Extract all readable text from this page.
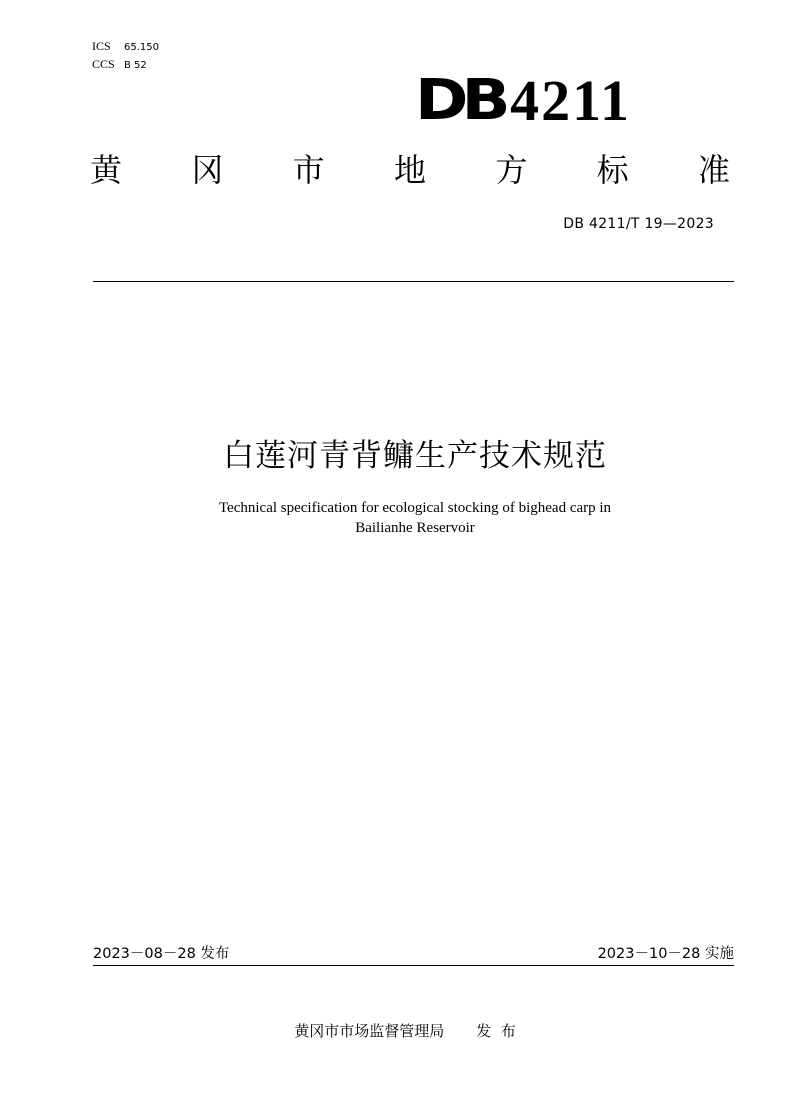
ICS 65.150
CCS B 52
DB 4211
黄 冈 市 地 方 标 准
DB 4211/T 19—2023
白莲河青背鳙生产技术规范
Technical specification for ecological stocking of bighead carp in
Bailianhe Reservoir
2023－08－28 发布	2023－10－28 实施
黄冈市市场监督管理局 发  布
